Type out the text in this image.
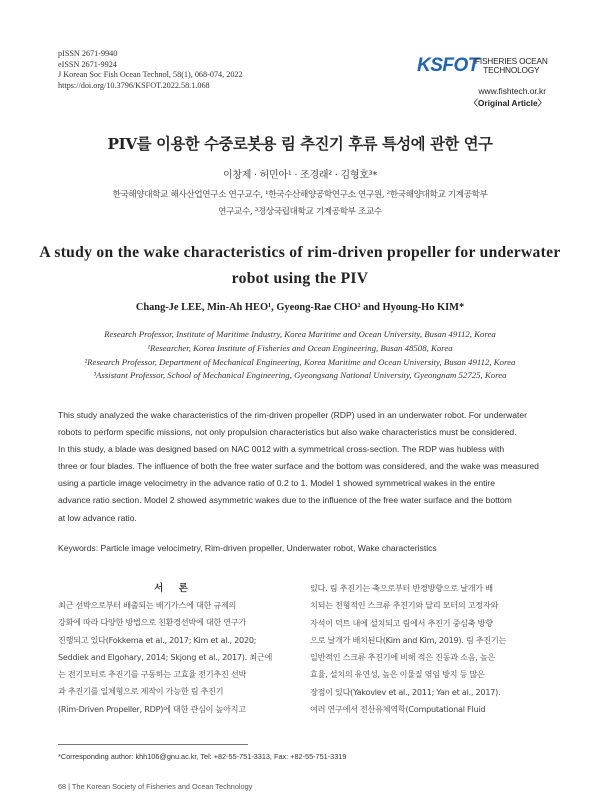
pISSN 2671-9940
eISSN 2671-9924
J Korean Soc Fish Ocean Technol, 58(1), 068-074, 2022
https://doi.org/10.3796/KSFOT.2022.58.1.068
KSFOT
FISHERIES OCEAN
TECHNOLOGY
www.fishtech.or.kr
〈Original Article〉
PIV를 이용한 수중로봇용 림 추진기 후류 특성에 관한 연구
이창제 · 허민아¹ · 조경래² · 김형호³*
한국해양대학교 해사산업연구소 연구교수, ¹한국수산해양공학연구소 연구원, ²한국해양대학교 기계공학부
연구교수, ³경상국립대학교 기계공학부 조교수
A study on the wake characteristics of rim-driven propeller for underwater
robot using the PIV
Chang-Je LEE, Min-Ah HEO¹, Gyeong-Rae CHO² and Hyoung-Ho KIM*
Research Professor, Institute of Maritime Industry, Korea Maritime and Ocean University, Busan 49112, Korea
¹Researcher, Korea Institute of Fisheries and Ocean Engineering, Busan 48508, Korea
²Research Professor, Department of Mechanical Engineering, Korea Maritime and Ocean University, Busan 49112, Korea
³Assistant Professor, School of Mechanical Engineering, Gyeongsang National University, Gyeongnam 52725, Korea
This study analyzed the wake characteristics of the rim-driven propeller (RDP) used in an underwater robot. For underwater
robots to perform specific missions, not only propulsion characteristics but also wake characteristics must be considered.
In this study, a blade was designed based on NAC 0012 with a symmetrical cross-section. The RDP was hubless with
three or four blades. The influence of both the free water surface and the bottom was considered, and the wake was measured
using a particle image velocimetry in the advance ratio of 0.2 to 1. Model 1 showed symmetrical wakes in the entire
advance ratio section. Model 2 showed asymmetric wakes due to the influence of the free water surface and the bottom
at low advance ratio.
Keywords: Particle image velocimetry, Rim-driven propeller, Underwater robot, Wake characteristics
서 론
최근 선박으로부터 배출되는 배기가스에 대한 규제의
강화에 따라 다양한 방법으로 친환경선박에 대한 연구가
진행되고 있다(Fokkema et al., 2017; Kim et al., 2020;
Seddiek and Elgohary, 2014; Skjong et al., 2017). 최근에
는 전기모터로 추진기를 구동하는 고효율 전기추진 선박
과 추진기를 일체형으로 제작이 가능한 림 추진기
(Rim-Driven Propeller, RDP)에 대한 관심이 높아지고
있다. 림 추진기는 축으로부터 반경방향으로 날개가 배
치되는 전형적인 스크류 추진기와 달리 모터의 고정자와
자석이 덕트 내에 설치되고 림에서 추진기 중심축 방향
으로 날개가 배치된다(Kim and Kim, 2019). 림 추진기는
일반적인 스크류 추진기에 비해 적은 진동과 소음, 높은
효율, 설치의 유연성, 높은 이물질 엮임 방지 등 많은
장점이 있다(Yakovlev et al., 2011; Yan et al., 2017).
여러 연구에서 전산유체역학(Computational Fluid
*Corresponding author: khh106@gnu.ac.kr, Tel: +82-55-751-3313, Fax: +82-55-751-3319
68 | The Korean Society of Fisheries and Ocean Technology
